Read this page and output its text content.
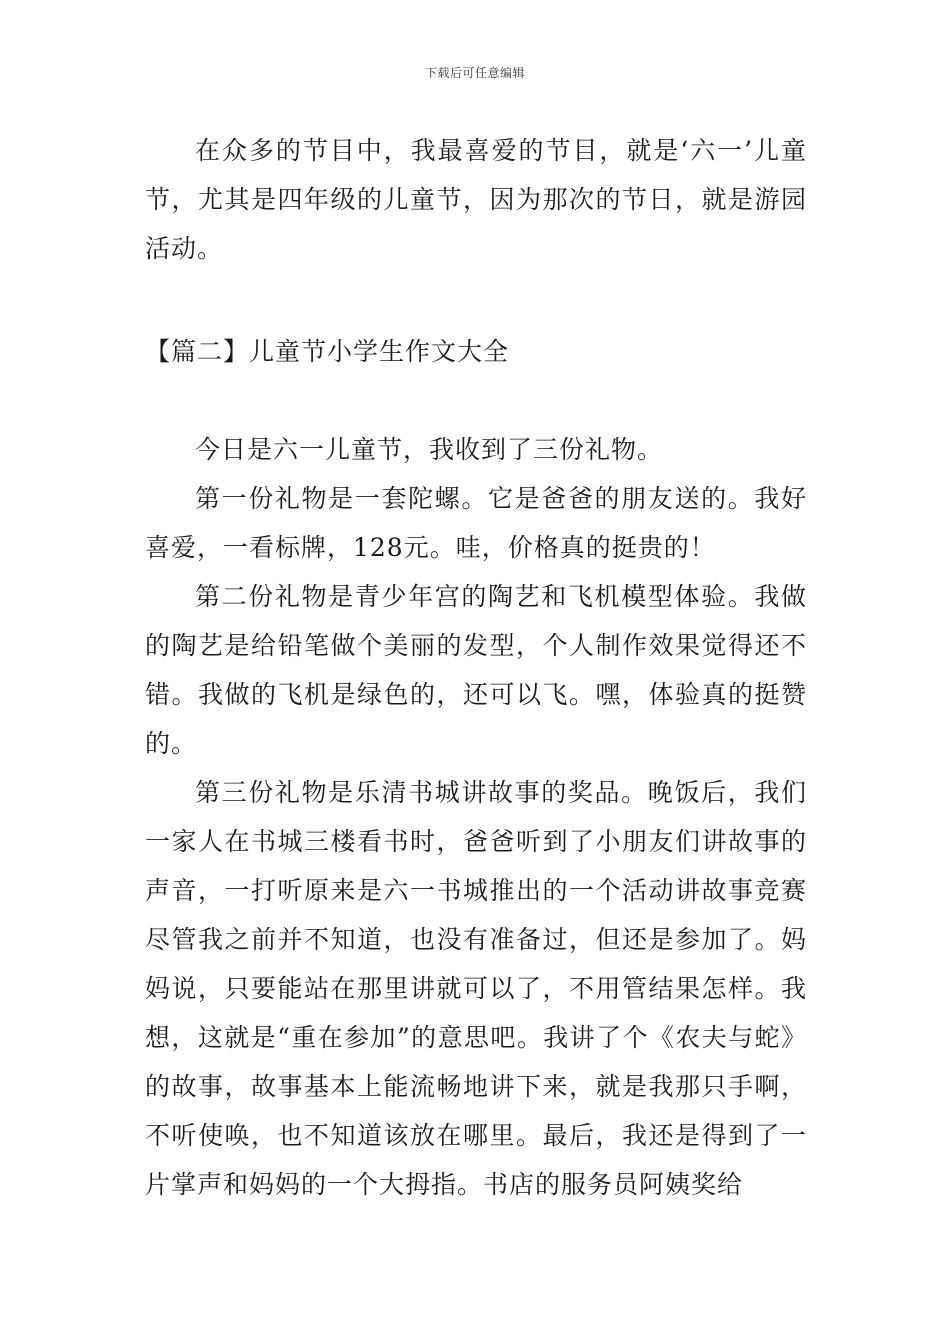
下载后可任意编辑

在众多的节目中，我最喜爱的节目，就是‘六一’儿童节，尤其是四年级的儿童节，因为那次的节日，就是游园活动。

【篇二】儿童节小学生作文大全

今日是六一儿童节，我收到了三份礼物。

第一份礼物是一套陀螺。它是爸爸的朋友送的。我好喜爱，一看标牌，128元。哇，价格真的挺贵的！

第二份礼物是青少年宫的陶艺和飞机模型体验。我做的陶艺是给铅笔做个美丽的发型，个人制作效果觉得还不错。我做的飞机是绿色的，还可以飞。嘿，体验真的挺赞的。

第三份礼物是乐清书城讲故事的奖品。晚饭后，我们一家人在书城三楼看书时，爸爸听到了小朋友们讲故事的声音，一打听原来是六一书城推出的一个活动讲故事竞赛尽管我之前并不知道，也没有准备过，但还是参加了。妈妈说，只要能站在那里讲就可以了，不用管结果怎样。我想，这就是“重在参加”的意思吧。我讲了个《农夫与蛇》的故事，故事基本上能流畅地讲下来，就是我那只手啊，不听使唤，也不知道该放在哪里。最后，我还是得到了一片掌声和妈妈的一个大拇指。书店的服务员阿姨奖给
